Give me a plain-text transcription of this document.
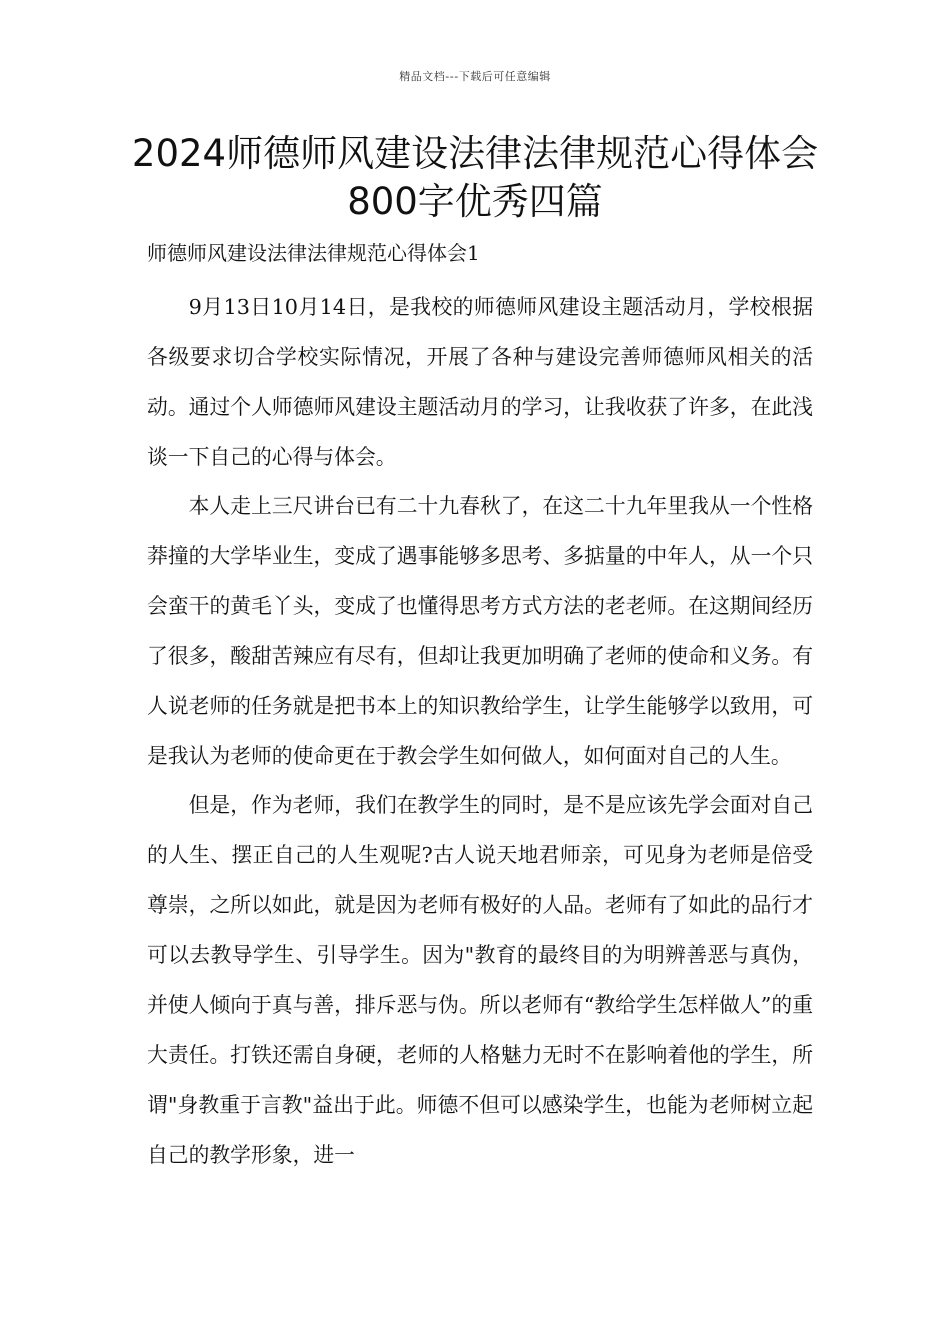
精品文档---下载后可任意编辑
2024师德师风建设法律法律规范心得体会800字优秀四篇
师德师风建设法律法律规范心得体会1

9月13日10月14日，是我校的师德师风建设主题活动月，学校根据各级要求切合学校实际情况，开展了各种与建设完善师德师风相关的活动。通过个人师德师风建设主题活动月的学习，让我收获了许多，在此浅谈一下自己的心得与体会。

本人走上三尺讲台已有二十九春秋了，在这二十九年里我从一个性格莽撞的大学毕业生，变成了遇事能够多思考、多掂量的中年人，从一个只会蛮干的黄毛丫头，变成了也懂得思考方式方法的老老师。在这期间经历了很多，酸甜苦辣应有尽有，但却让我更加明确了老师的使命和义务。有人说老师的任务就是把书本上的知识教给学生，让学生能够学以致用，可是我认为老师的使命更在于教会学生如何做人，如何面对自己的人生。

但是，作为老师，我们在教学生的同时，是不是应该先学会面对自己的人生、摆正自己的人生观呢?古人说天地君师亲，可见身为老师是倍受尊崇，之所以如此，就是因为老师有极好的人品。老师有了如此的品行才可以去教导学生、引导学生。因为"教育的最终目的为明辨善恶与真伪，并使人倾向于真与善，排斥恶与伪。所以老师有“教给学生怎样做人”的重大责任。打铁还需自身硬，老师的人格魅力无时不在影响着他的学生，所谓"身教重于言教"益出于此。师德不但可以感染学生，也能为老师树立起自己的教学形象，进一
